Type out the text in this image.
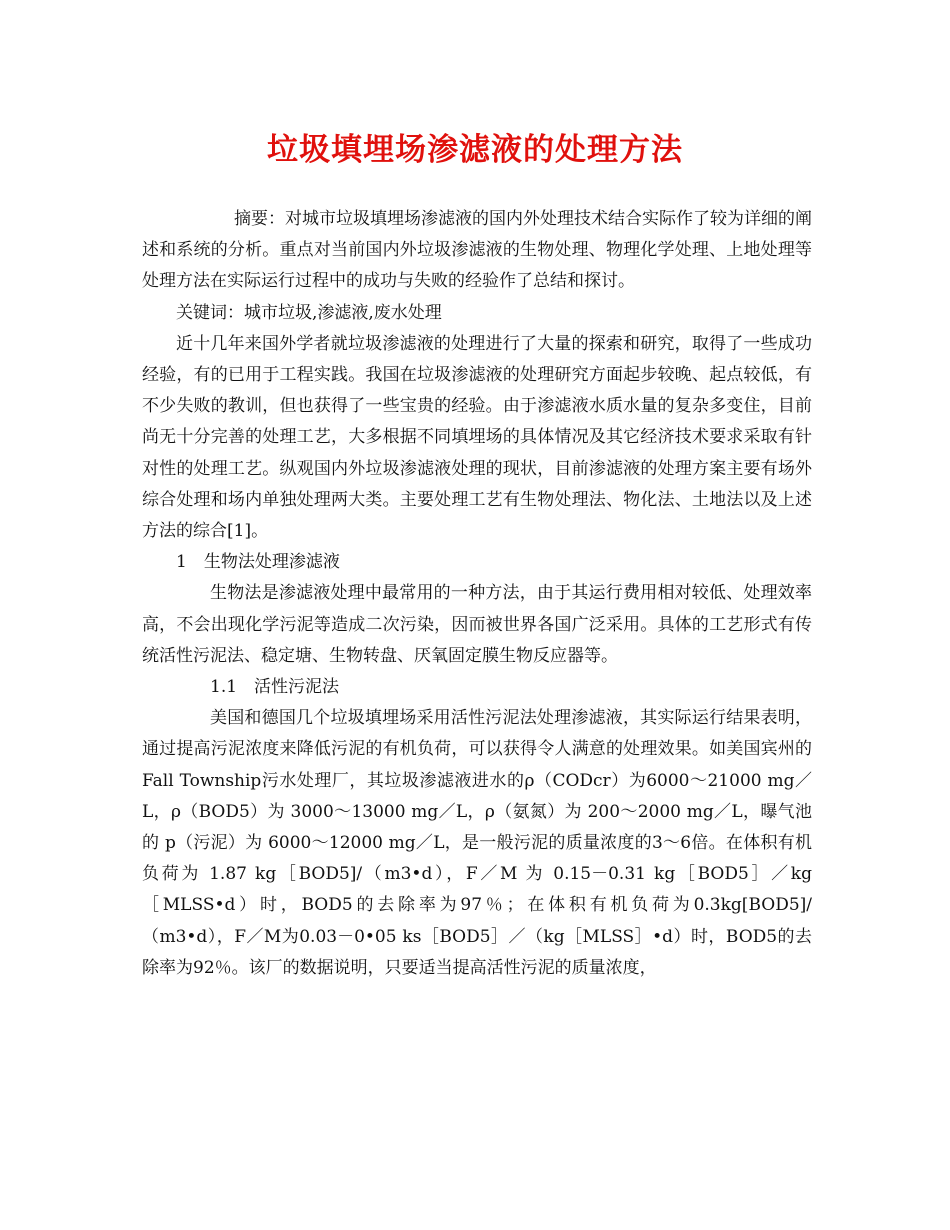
垃圾填埋场渗滤液的处理方法

摘要：对城市垃圾填埋场渗滤液的国内外处理技术结合实际作了较为详细的阐述和系统的分析。重点对当前国内外垃圾渗滤液的生物处理、物理化学处理、上地处理等处理方法在实际运行过程中的成功与失败的经验作了总结和探讨。

关键词：城市垃圾,渗滤液,废水处理

近十几年来国外学者就垃圾渗滤液的处理进行了大量的探索和研究，取得了一些成功经验，有的已用于工程实践。我国在垃圾渗滤液的处理研究方面起步较晚、起点较低，有不少失败的教训，但也获得了一些宝贵的经验。由于渗滤液水质水量的复杂多变住，目前尚无十分完善的处理工艺，大多根据不同填埋场的具体情况及其它经济技术要求采取有针对性的处理工艺。纵观国内外垃圾渗滤液处理的现状，目前渗滤液的处理方案主要有场外综合处理和场内单独处理两大类。主要处理工艺有生物处理法、物化法、土地法以及上述方法的综合[1]。

1　生物法处理渗滤液

生物法是渗滤液处理中最常用的一种方法，由于其运行费用相对较低、处理效率高，不会出现化学污泥等造成二次污染，因而被世界各国广泛采用。具体的工艺形式有传统活性污泥法、稳定塘、生物转盘、厌氧固定膜生物反应器等。

1.1　活性污泥法

美国和德国几个垃圾填埋场采用活性污泥法处理渗滤液，其实际运行结果表明，通过提高污泥浓度来降低污泥的有机负荷，可以获得令人满意的处理效果。如美国宾州的Fall Township污水处理厂，其垃圾渗滤液进水的ρ（CODcr）为6000～21000 mg／L，ρ（BOD5）为 3000～13000 mg／L，ρ（氨氮）为 200～2000 mg／L，曝气池的 p（污泥）为 6000～12000 mg／L，是一般污泥的质量浓度的3～6倍。在体积有机负荷为 1.87 kg［BOD5]/（m3•d），F／M 为 0.15－0.31 kg［BOD5］／kg［MLSS•d）时，BOD5的去除率为97％；在体积有机负荷为0.3kg[BOD5]/（m3•d），F／M为0.03－0•05 ks［BOD5］／（kg［MLSS］•d）时，BOD5的去除率为92％。该厂的数据说明，只要适当提高活性污泥的质量浓度，
